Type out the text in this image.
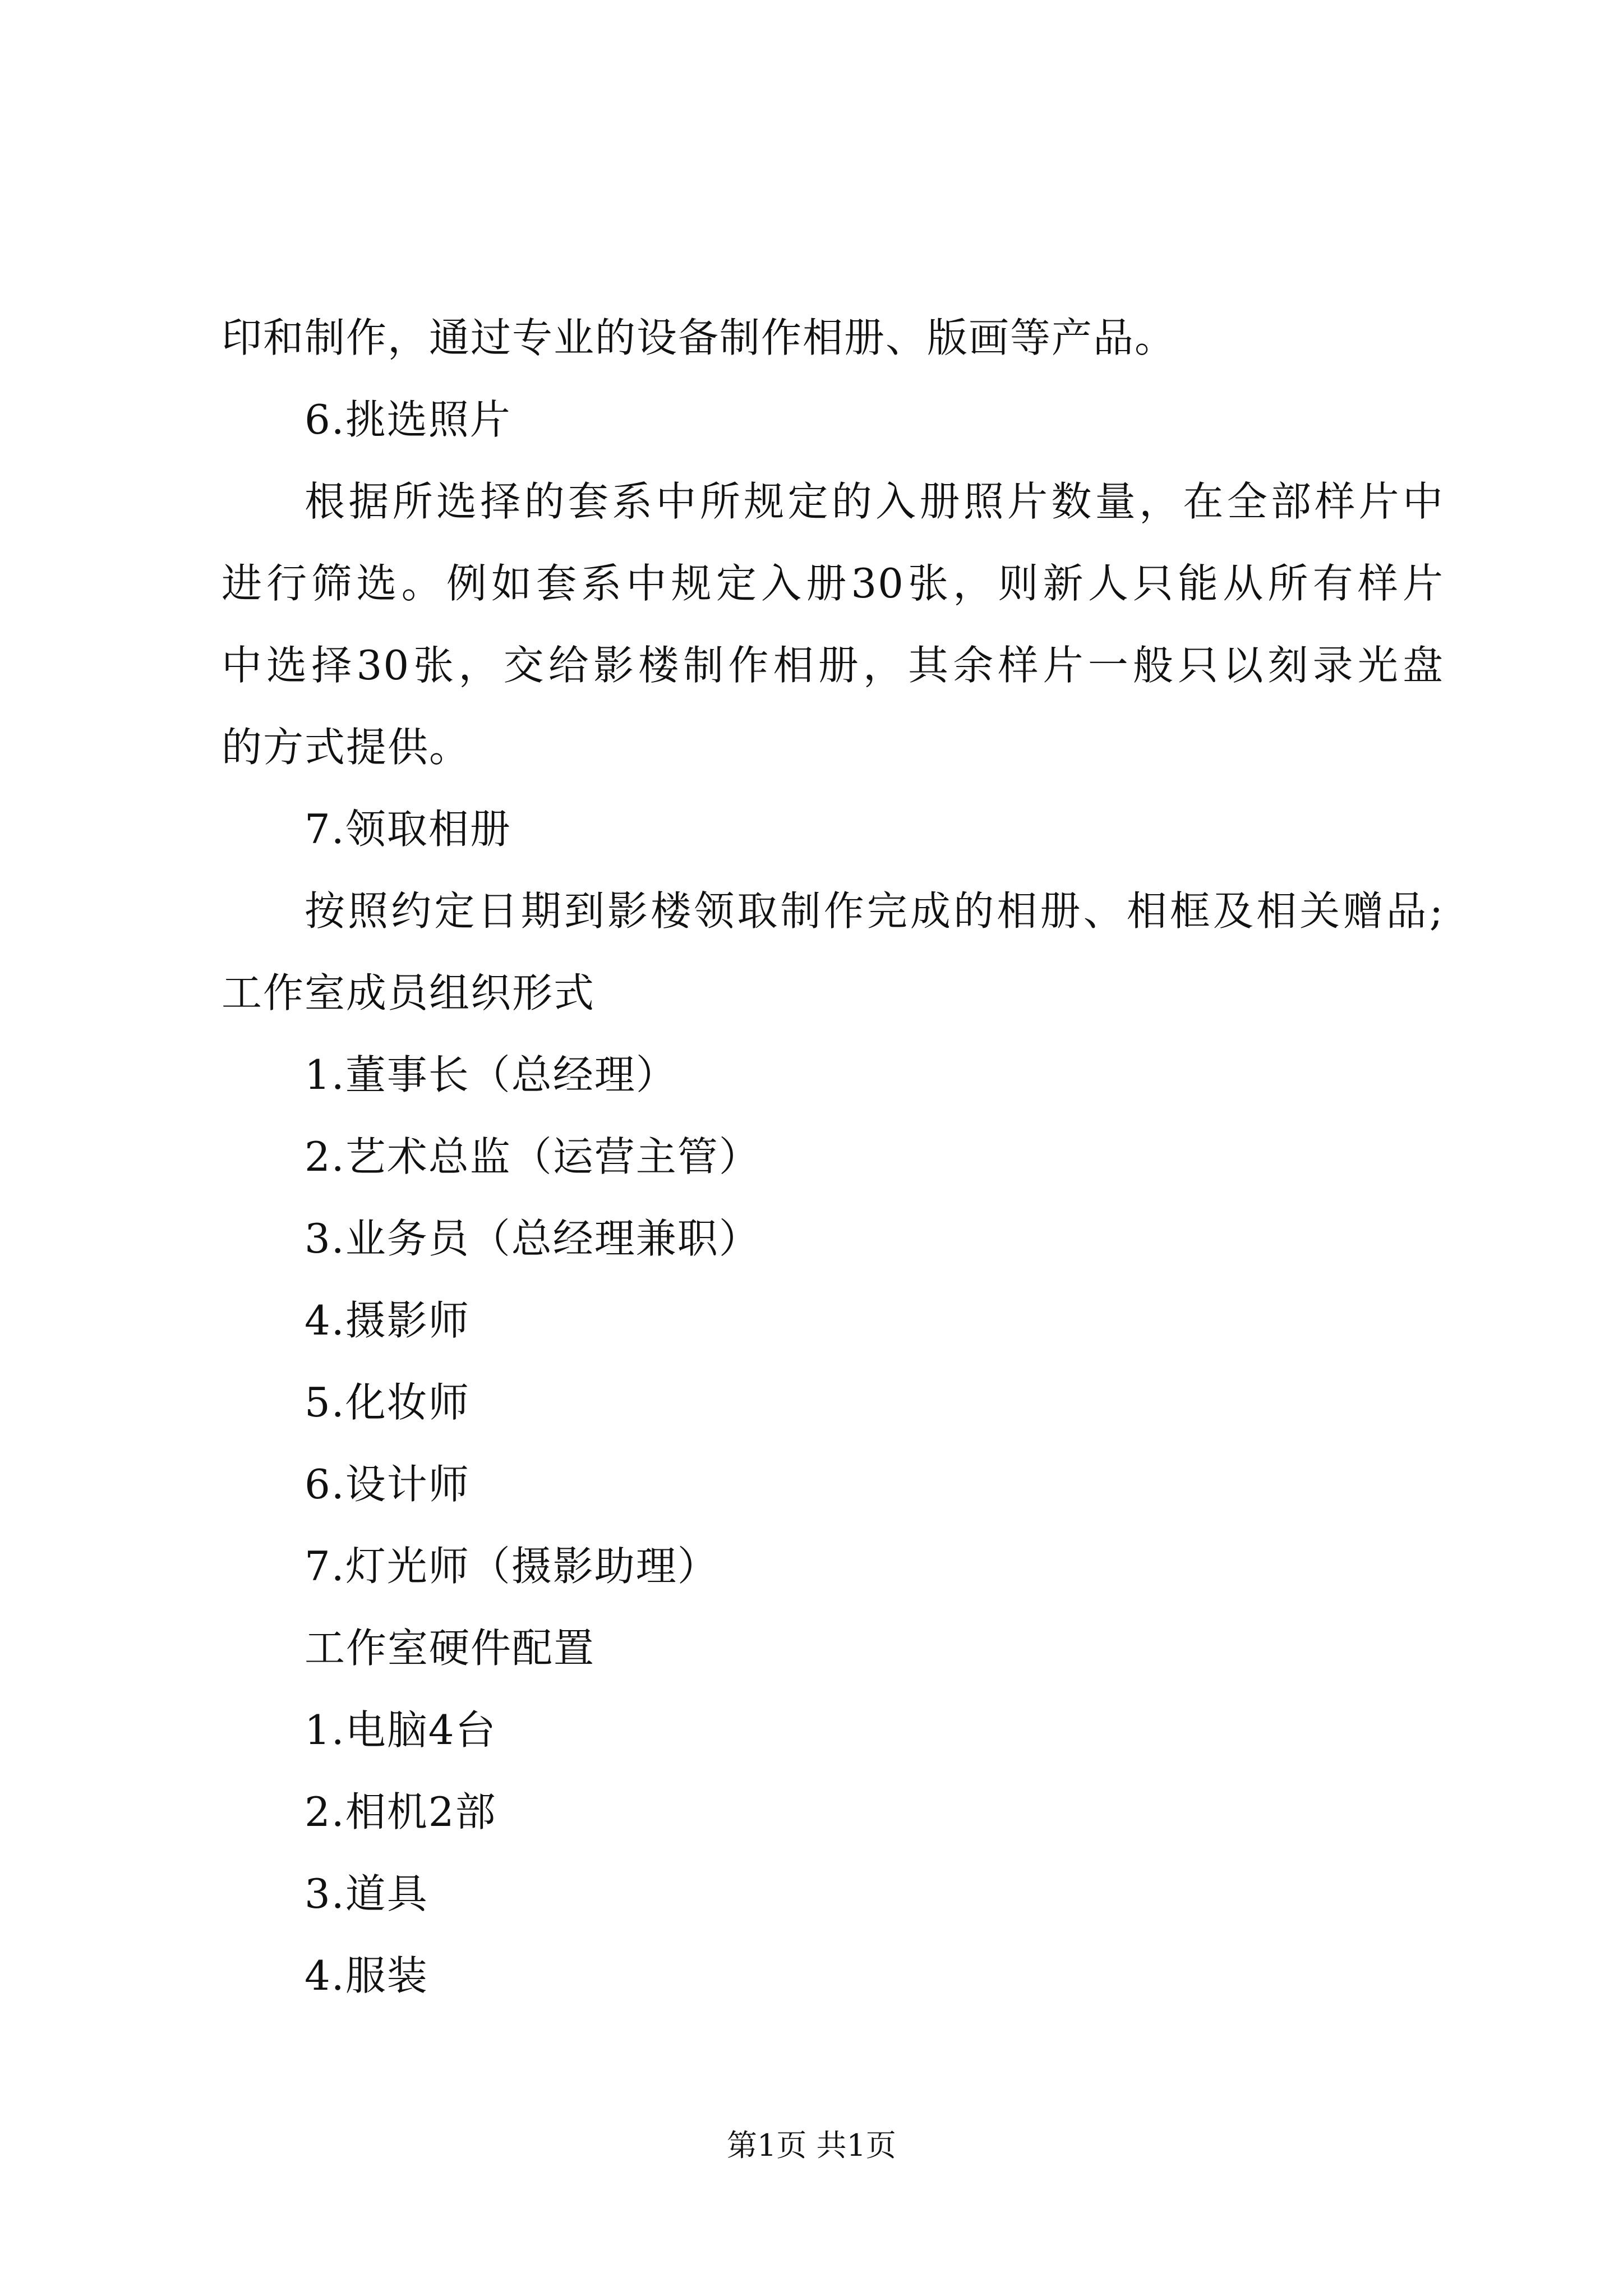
印和制作，通过专业的设备制作相册、版画等产品。
6.挑选照片
根据所选择的套系中所规定的入册照片数量，在全部样片中
进行筛选。例如套系中规定入册30张，则新人只能从所有样片
中选择30张，交给影楼制作相册，其余样片一般只以刻录光盘
的方式提供。
7.领取相册
按照约定日期到影楼领取制作完成的相册、相框及相关赠品;
工作室成员组织形式
1.董事长（总经理）
2.艺术总监（运营主管）
3.业务员（总经理兼职）
4.摄影师
5.化妆师
6.设计师
7.灯光师（摄影助理）
工作室硬件配置
1.电脑4台
2.相机2部
3.道具
4.服装
第1页 共1页
